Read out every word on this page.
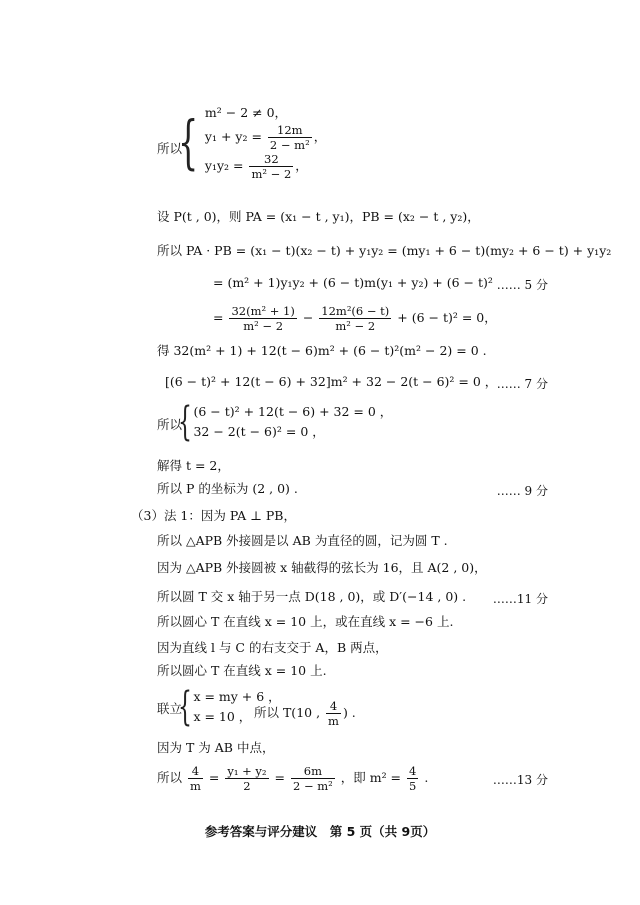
所以
{ m² − 2 ≠ 0，
$y_1 + y_2 = \frac{12m}{\text{2 − m²}}$ ，
$y_1y_2 = \frac{32}{\text{m² − 2}}$ ，
设 P(t , 0)，则 PA = (x₁ − t , y₁)，PB = (x₂ − t , y₂)，
所以 PA · PB = (x₁ − t)(x₂ − t) + y₁y₂ = (my₁ + 6 − t)(my₂ + 6 − t) + y₁y₂
= (m² + 1)y₁y₂ + (6 − t)m(y₁ + y₂) + (6 − t)² …… 5 分
= $\frac{\text{32(m² + 1)}}{\text{m² − 2}} - \frac{\text{12m²(6 − t)}}{\text{m² − 2}} + (6 - t)^2 = 0$，
得 32(m² + 1) + 12(t − 6)m² + (6 − t)²(m² − 2) = 0 .
[(6 − t)² + 12(t − 6) + 32]m² + 32 − 2(t − 6)² = 0 ， …… 7 分
所以
{ (6 − t)² + 12(t − 6) + 32 = 0 ，
32 − 2(t − 6)² = 0 ，
解得 t = 2，
所以 P 的坐标为 (2 , 0) .	…… 9 分
（3）法 1：因为 PA ⊥ PB，
所以 △APB 外接圆是以 AB 为直径的圆，记为圆 T .
因为 △APB 外接圆被 x 轴截得的弦长为 16，且 A(2 , 0)，
所以圆 T 交 x 轴于另一点 D(18 , 0)，或 D′(−14 , 0) . ……11 分
所以圆心 T 在直线 x = 10 上，或在直线 x = −6 上.
因为直线 l 与 C 的右支交于 A，B 两点，
所以圆心 T 在直线 x = 10 上.
联立
{ x = my + 6 ，
x = 10 ， 所以 T(10 , $\frac{4}{m}$ ) .
因为 T 为 AB 中点，
所以 $\frac{4}{m} = \frac{\text{y₁ + y₂}}{2} = \frac{6m}{\text{2 − m²}}$ ，即 $m^2 = \frac{4}{5}$ .	……13 分
参考答案与评分建议　第 5 页（共 9页）
